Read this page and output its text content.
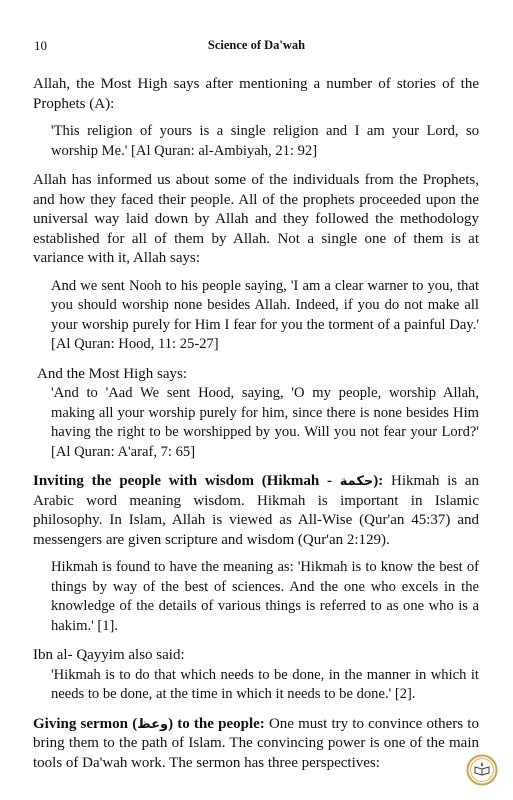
10	Science of Da'wah

Allah, the Most High says after mentioning a number of stories of the Prophets (A):

'This religion of yours is a single religion and I am your Lord, so worship Me.' [Al Quran: al-Ambiyah, 21: 92]

Allah has informed us about some of the individuals from the Prophets, and how they faced their people. All of the prophets proceeded upon the universal way laid down by Allah and they followed the methodology established for all of them by Allah. Not a single one of them is at variance with it, Allah says:

And we sent Nooh to his people saying, 'I am a clear warner to you, that you should worship none besides Allah. Indeed, if you do not make all your worship purely for Him I fear for you the torment of a painful Day.' [Al Quran: Hood, 11: 25-27]

And the Most High says:

'And to 'Aad We sent Hood, saying, 'O my people, worship Allah, making all your worship purely for him, since there is none besides Him having the right to be worshipped by you. Will you not fear your Lord?' [Al Quran: A'araf, 7: 65]

Inviting the people with wisdom (Hikmah - حكمة): Hikmah is an Arabic word meaning wisdom. Hikmah is important in Islamic philosophy. In Islam, Allah is viewed as All-Wise (Qur'an 45:37) and messengers are given scripture and wisdom (Qur'an 2:129).

Hikmah is found to have the meaning as: 'Hikmah is to know the best of things by way of the best of sciences. And the one who excels in the knowledge of the details of various things is referred to as one who is a hakim.' [1].

Ibn al- Qayyim also said:

'Hikmah is to do that which needs to be done, in the manner in which it needs to be done, at the time in which it needs to be done.' [2].

Giving sermon (وعظ) to the people: One must try to convince others to bring them to the path of Islam. The convincing power is one of the main tools of Da'wah work. The sermon has three perspectives:
